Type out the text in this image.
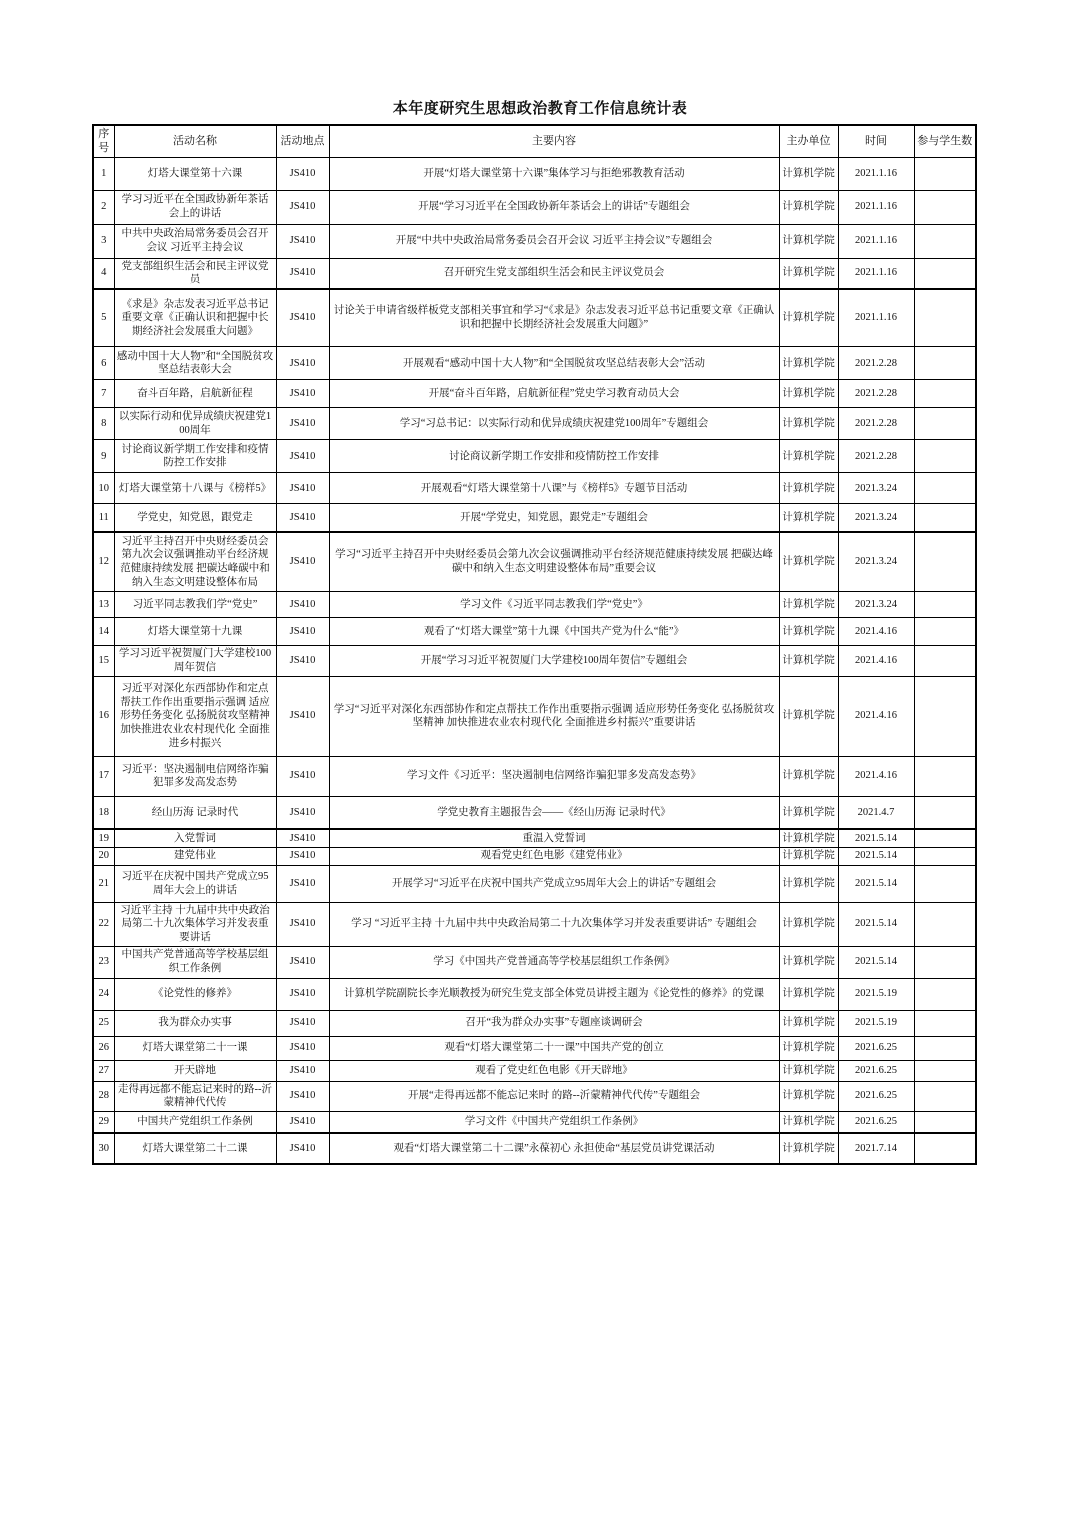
本年度研究生思想政治教育工作信息统计表
序号	活动名称	活动地点	主要内容	主办单位	时间	参与学生数
1	灯塔大课堂第十六课	JS410	开展“灯塔大课堂第十六课”集体学习与拒绝邪教教育活动	计算机学院	2021.1.16	
2	学习习近平在全国政协新年茶话会上的讲话	JS410	开展“学习习近平在全国政协新年茶话会上的讲话”专题组会	计算机学院	2021.1.16	
3	中共中央政治局常务委员会召开会议 习近平主持会议	JS410	开展“中共中央政治局常务委员会召开会议 习近平主持会议”专题组会	计算机学院	2021.1.16	
4	党支部组织生活会和民主评议党员	JS410	召开研究生党支部组织生活会和民主评议党员会	计算机学院	2021.1.16	
5	《求是》杂志发表习近平总书记重要文章《正确认识和把握中长期经济社会发展重大问题》	JS410	讨论关于申请省级样板党支部相关事宜和学习“《求是》杂志发表习近平总书记重要文章《正确认识和把握中长期经济社会发展重大问题》”	计算机学院	2021.1.16	
6	感动中国十大人物”和“全国脱贫攻坚总结表彰大会	JS410	开展观看“感动中国十大人物”和“全国脱贫攻坚总结表彰大会”活动	计算机学院	2021.2.28	
7	奋斗百年路，启航新征程	JS410	开展“奋斗百年路，启航新征程”党史学习教育动员大会	计算机学院	2021.2.28	
8	以实际行动和优异成绩庆祝建党100周年	JS410	学习“习总书记：以实际行动和优异成绩庆祝建党100周年”专题组会	计算机学院	2021.2.28	
9	讨论商议新学期工作安排和疫情防控工作安排	JS410	讨论商议新学期工作安排和疫情防控工作安排	计算机学院	2021.2.28	
10	灯塔大课堂第十八课与《榜样5》	JS410	开展观看“灯塔大课堂第十八课”与《榜样5》专题节目活动	计算机学院	2021.3.24	
11	学党史，知党恩，跟党走	JS410	开展“学党史，知党恩，跟党走”专题组会	计算机学院	2021.3.24	
12	习近平主持召开中央财经委员会第九次会议强调推动平台经济规范健康持续发展 把碳达峰碳中和纳入生态文明建设整体布局	JS410	学习“习近平主持召开中央财经委员会第九次会议强调推动平台经济规范健康持续发展 把碳达峰碳中和纳入生态文明建设整体布局”重要会议	计算机学院	2021.3.24	
13	习近平同志教我们学“党史”	JS410	学习文件《习近平同志教我们学“党史”》	计算机学院	2021.3.24	
14	灯塔大课堂第十九课	JS410	观看了“灯塔大课堂”第十九课《中国共产党为什么“能”》	计算机学院	2021.4.16	
15	学习习近平祝贺厦门大学建校100周年贺信	JS410	开展“学习习近平祝贺厦门大学建校100周年贺信”专题组会	计算机学院	2021.4.16	
16	习近平对深化东西部协作和定点帮扶工作作出重要指示强调 适应形势任务变化 弘扬脱贫攻坚精神 加快推进农业农村现代化 全面推进乡村振兴	JS410	学习“习近平对深化东西部协作和定点帮扶工作作出重要指示强调 适应形势任务变化 弘扬脱贫攻坚精神 加快推进农业农村现代化 全面推进乡村振兴”重要讲话	计算机学院	2021.4.16	
17	习近平：坚决遏制电信网络诈骗犯罪多发高发态势	JS410	学习文件《习近平：坚决遏制电信网络诈骗犯罪多发高发态势》	计算机学院	2021.4.16	
18	经山历海 记录时代	JS410	学党史教育主题报告会——《经山历海 记录时代》	计算机学院	2021.4.7	
19	入党誓词	JS410	重温入党誓词	计算机学院	2021.5.14	
20	建党伟业	JS410	观看党史红色电影《建党伟业》	计算机学院	2021.5.14	
21	习近平在庆祝中国共产党成立95周年大会上的讲话	JS410	开展学习“习近平在庆祝中国共产党成立95周年大会上的讲话”专题组会	计算机学院	2021.5.14	
22	习近平主持 十九届中共中央政治局第二十九次集体学习并发表重要讲话	JS410	学习 “习近平主持 十九届中共中央政治局第二十九次集体学习并发表重要讲话” 专题组会	计算机学院	2021.5.14	
23	中国共产党普通高等学校基层组织工作条例	JS410	学习《中国共产党普通高等学校基层组织工作条例》	计算机学院	2021.5.14	
24	《论党性的修养》	JS410	计算机学院副院长李光顺教授为研究生党支部全体党员讲授主题为《论党性的修养》的党课	计算机学院	2021.5.19	
25	我为群众办实事	JS410	召开“我为群众办实事”专题座谈调研会	计算机学院	2021.5.19	
26	灯塔大课堂第二十一课	JS410	观看“灯塔大课堂第二十一课”中国共产党的创立	计算机学院	2021.6.25	
27	开天辟地	JS410	观看了党史红色电影《开天辟地》	计算机学院	2021.6.25	
28	走得再远都不能忘记来时的路--沂蒙精神代代传	JS410	开展“走得再远都不能忘记来时 的路--沂蒙精神代代传”专题组会	计算机学院	2021.6.25	
29	中国共产党组织工作条例	JS410	学习文件《中国共产党组织工作条例》	计算机学院	2021.6.25	
30	灯塔大课堂第二十二课	JS410	观看“灯塔大课堂第二十二课”永葆初心 永担使命“基层党员讲党课活动	计算机学院	2021.7.14	
